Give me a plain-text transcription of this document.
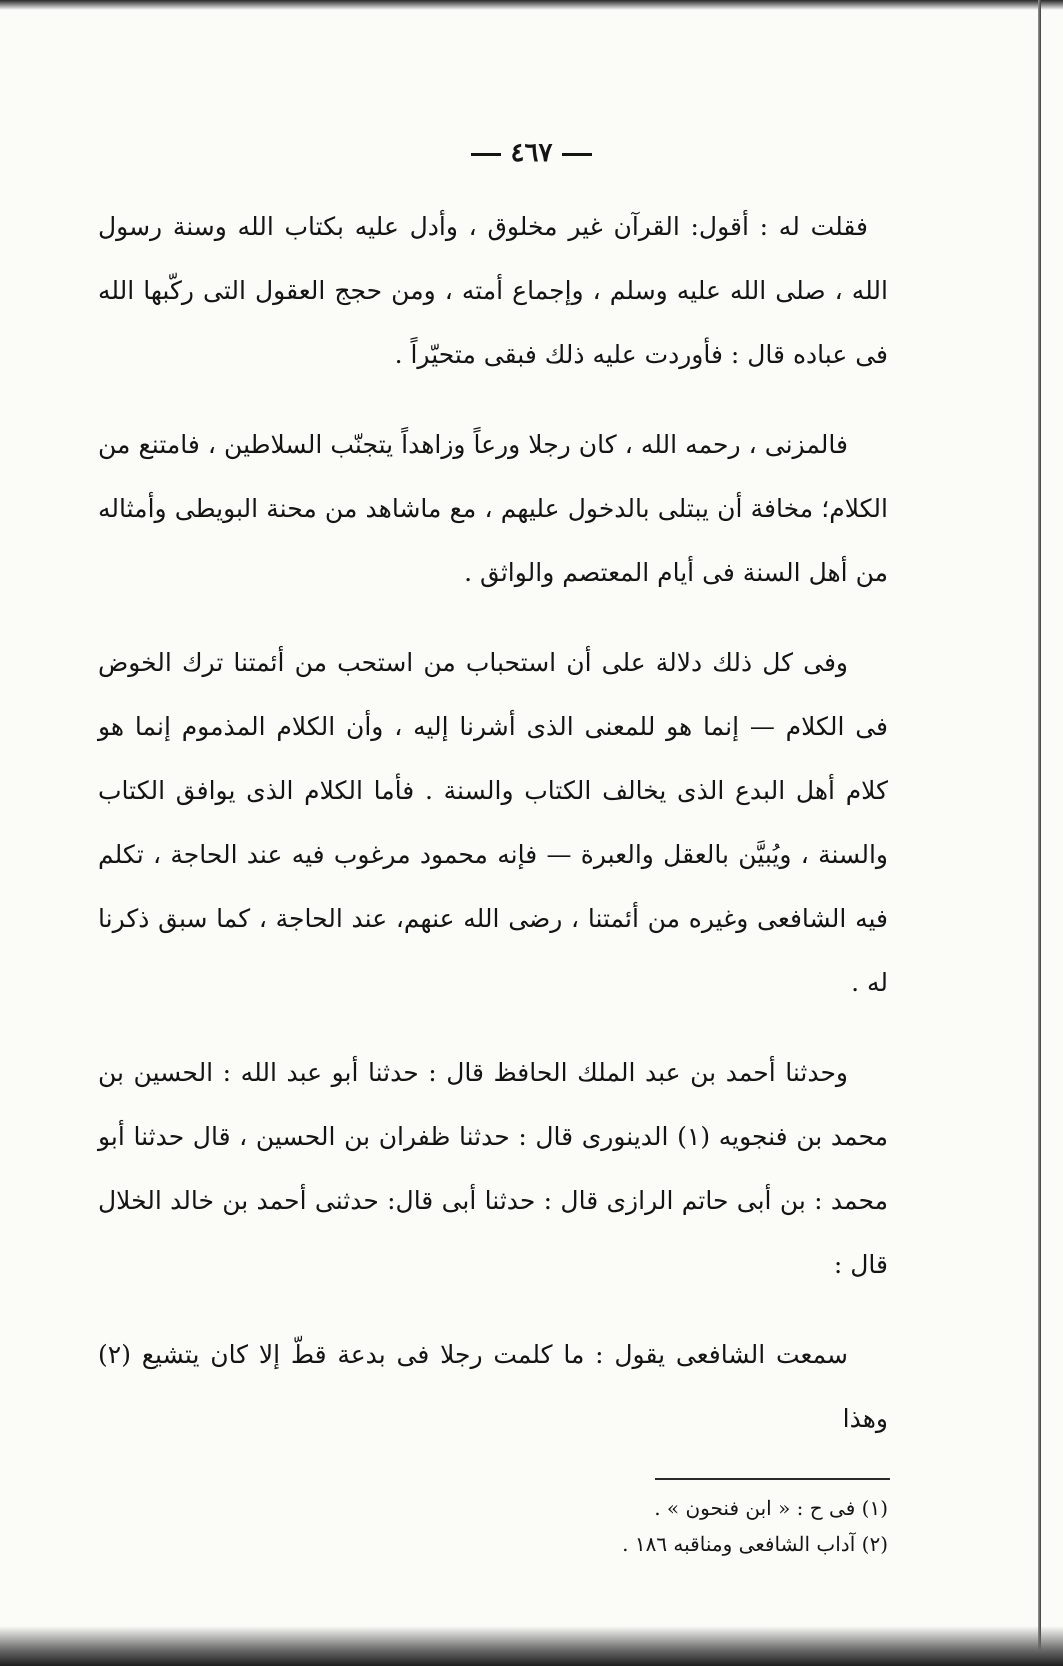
٤٦٧

فقلت له : أقول: القرآن غير مخلوق ، وأدل عليه بكتاب الله وسنة رسول الله ، صلى الله عليه وسلم ، وإجماع أمته ، ومن حجج العقول التى ركّبها الله فى عباده قال : فأوردت عليه ذلك فبقى متحيّراً .

فالمزنى ، رحمه الله ، كان رجلا ورعاً وزاهداً يتجنّب السلاطين ، فامتنع من الكلام؛ مخافة أن يبتلى بالدخول عليهم ، مع ماشاهد من محنة البويطى وأمثاله من أهل السنة فى أيام المعتصم والواثق .

وفى كل ذلك دلالة على أن استحباب من استحب من أئمتنا ترك الخوض فى الكلام — إنما هو للمعنى الذى أشرنا إليه ، وأن الكلام المذموم إنما هو كلام أهل البدع الذى يخالف الكتاب والسنة . فأما الكلام الذى يوافق الكتاب والسنة ، ويُبيَّن بالعقل والعبرة — فإنه محمود مرغوب فيه عند الحاجة ، تكلم فيه الشافعى وغيره من أئمتنا ، رضى الله عنهم، عند الحاجة ، كما سبق ذكرنا له .

وحدثنا أحمد بن عبد الملك الحافظ قال : حدثنا أبو عبد الله : الحسين بن محمد بن فنجويه (١) الدينورى قال : حدثنا ظفران بن الحسين ، قال حدثنا أبو محمد : بن أبى حاتم الرازى قال : حدثنا أبى قال: حدثنى أحمد بن خالد الخلال قال :

سمعت الشافعى يقول : ما كلمت رجلا فى بدعة قطّ إلا كان يتشيع (٢) وهذا

(١) فى ح : « ابن فنحون » .

(٢) آداب الشافعى ومناقبه ١٨٦ .
